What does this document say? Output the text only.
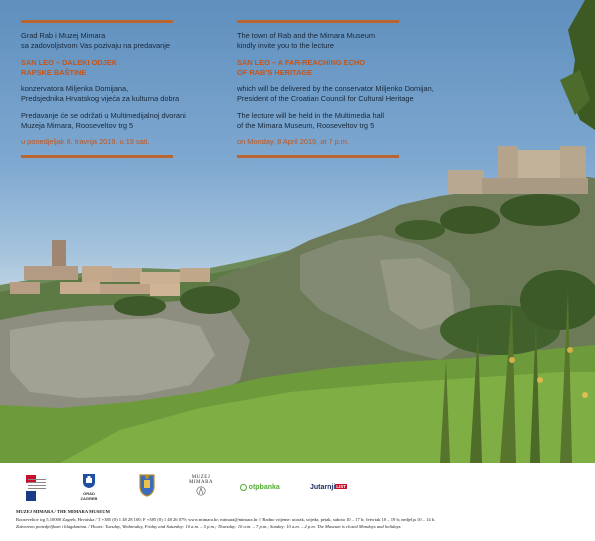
Grad Rab i Muzej Mimara
sa zadovoljstvom Vas pozivaju na predavanje
SAN LEO – DALEKI ODJEK
RAPSKE BAŠTINE
konzervatora Miljenka Domijana,
Predsjednika Hrvatskog vijeća za kulturna dobra
Predavanje će se održati u Multimedijalnoj dvorani
Muzeja Mimara, Rooseveltov trg 5
u ponedjeljak 8. travnja 2019. u 19 sati.
The town of Rab and the Mimara Museum
kindly invite you to the lecture
SAN LEO – A FAR-REACHING ECHO
OF RAB’S HERITAGE
which will be delivered by the conservator Miljenko Domijan,
President of the Croatian Council for Cultural Heritage
The lecture will be held in the Multimedia hall
of the Mimara Museum, Rooseveltov trg 5
on Monday, 8 April 2019, at 7 p.m.
GRAD ZAGREB
MUZEJ
MIMARA
otpbanka	JutarnjiLIST
MUZEJ MIMARA / THE MIMARA MUSEUM
Rooseveltov trg 5,10000 Zagreb, Hrvatska / T +385 (0) 1 48 28 100; F +385 (0) 1 48 26 079; www.mimara.hr; mimara@mimara.hr // Radno vrijeme: utorak, srijeda, petak, subota 10 – 17 h; četvrtak 10 – 19 h; nedjelja 10 – 14 h.
Zatvoreno ponedjeljkom i blagdanima. / Hours: Tuesday, Wednesday, Friday and Saturday: 10 a.m. – 5 p.m.; Thursday: 10 a.m. – 7 p.m.; Sunday: 10 a.m. – 2 p.m. The Museum is closed Mondays and holidays.
